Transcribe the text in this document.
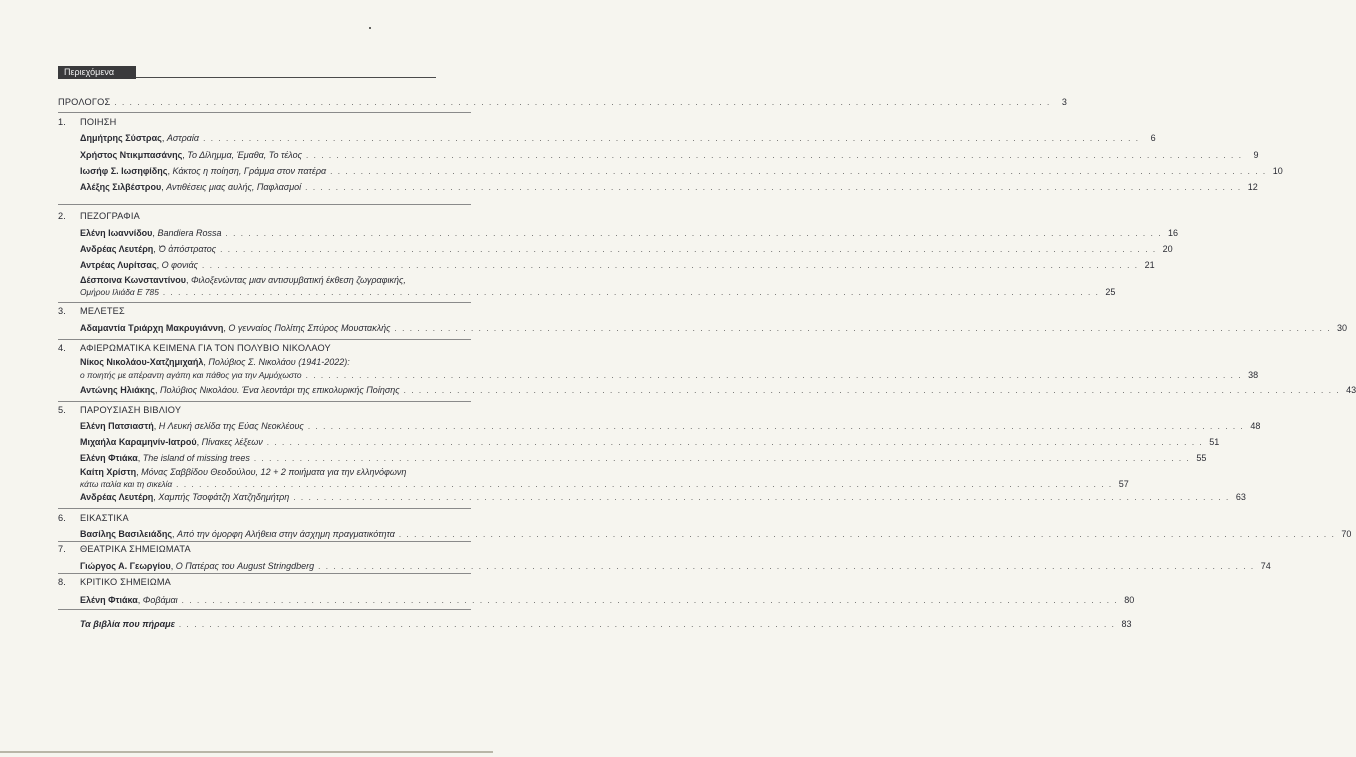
Περιεχόμενα
ΠΡΟΛΟΓΟΣ . . .	3
1. ΠΟΙΗΣΗ
Δημήτρης Σύστρας, Αστραία . . .	6
Χρήστος Ντικμπασάνης, Το Δίλημμα, Έμαθα, Το τέλος . . .	9
Ιωσήφ Σ. Ιωσηφίδης, Κάκτος η ποίηση, Γράμμα στον πατέρα . . .	10
Αλέξης Σιλβέστρου, Αντιθέσεις μιας αυλής, Παφλασμοί . . .	12
2. ΠΕΖΟΓΡΑΦΙΑ
Ελένη Ιωαννίδου, Bandiera Rossa . . .	16
Ανδρέας Λευτέρη, Ὁ ἀπόστρατος . . .	20
Αντρέας Λυρίτσας, Ο φονιάς . . .	21
Δέσποινα Κωνσταντίνου, Φιλοξενώντας μιαν αντισυμβατική έκθεση ζωγραφικής,
Ομήρου Ιλιάδα Ε 785 . . .	25
3. ΜΕΛΕΤΕΣ
Αδαμαντία Τριάρχη Μακρυγιάννη, Ο γενναίος Πολίτης Σπύρος Μουστακλής . . .	30
4. ΑΦΙΕΡΩΜΑΤΙΚΑ ΚΕΙΜΕΝΑ ΓΙΑ ΤΟΝ ΠΟΛΥΒΙΟ ΝΙΚΟΛΑΟΥ
Νίκος Νικολάου-Χατζημιχαήλ, Πολύβιος Σ. Νικολάου (1941-2022):
ο ποιητής με απέραντη αγάπη και πάθος για την Αμμόχωστο . . .	38
Αντώνης Ηλιάκης, Πολύβιος Νικολάου. Ένα λεοντάρι της επικολυρικής Ποίησης . . .	43
5. ΠΑΡΟΥΣΙΑΣΗ ΒΙΒΛΙΟΥ
Ελένη Πατσιαστή, Η Λευκή σελίδα της Εύας Νεοκλέους . . .	48
Μιχαήλα Καραμηνίν-Ιατρού, Πίνακες λέξεων . . .	51
Ελένη Φτιάκα, The island of missing trees . . .	55
Καίτη Χρίστη, Μόνας Σαββίδου Θεοδούλου, 12 + 2 ποιήματα για την ελληνόφωνη
κάτω ιταλία και τη σικελία . . .	57
Ανδρέας Λευτέρη, Χαμπής Τσοφάτζη Χατζηδημήτρη . . .	63
6. ΕΙΚΑΣΤΙΚΑ
Βασίλης Βασιλειάδης, Από την όμορφη Αλήθεια στην άσχημη πραγματικότητα . . .	70
7. ΘΕΑΤΡΙΚΑ ΣΗΜΕΙΩΜΑΤΑ
Γιώργος Α. Γεωργίου, Ο Πατέρας του August Stringdberg . . .	74
8. ΚΡΙΤΙΚΟ ΣΗΜΕΙΩΜΑ
Ελένη Φτιάκα, Φοβάμαι . . .	80
Τα βιβλία που πήραμε . . .	83
